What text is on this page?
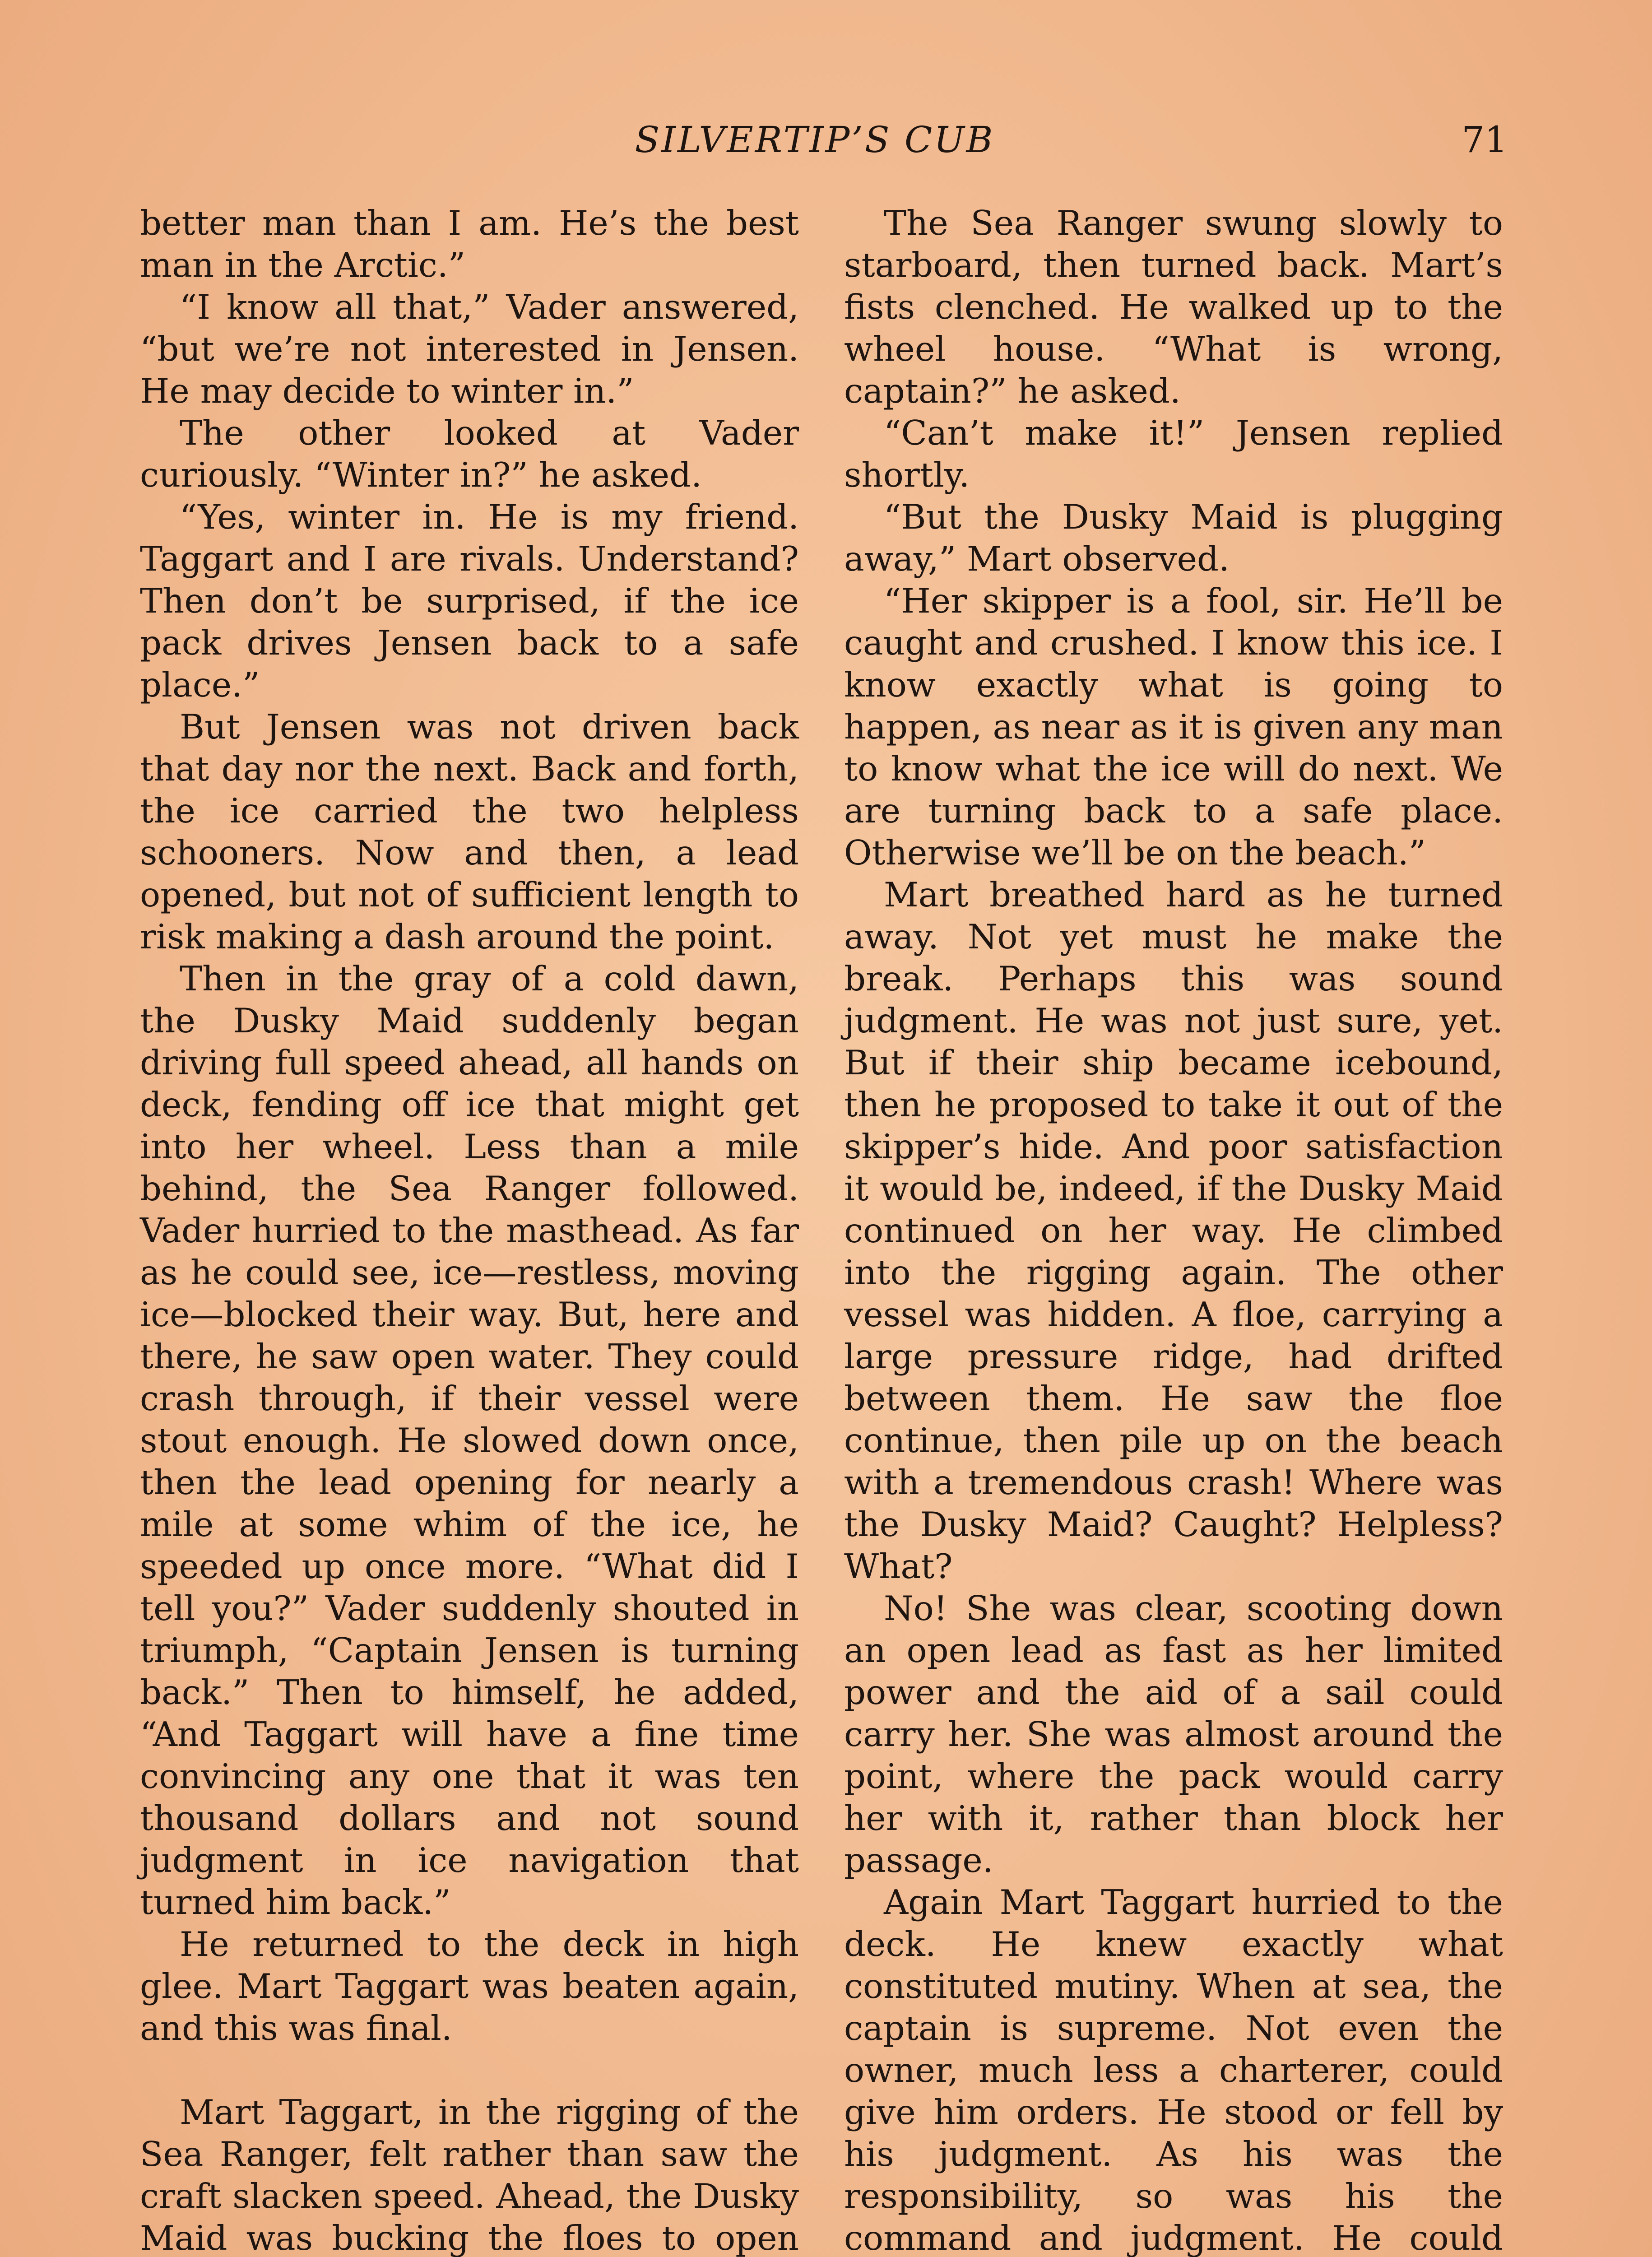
SILVERTIP’S CUB	71

better man than I am. He’s the best man in the Arctic.”

“I know all that,” Vader answered, “but we’re not interested in Jensen. He may decide to winter in.”

The other looked at Vader curiously. “Winter in?” he asked.

“Yes, winter in. He is my friend. Taggart and I are rivals. Understand? Then don’t be surprised, if the ice pack drives Jensen back to a safe place.”

But Jensen was not driven back that day nor the next. Back and forth, the ice carried the two helpless schooners. Now and then, a lead opened, but not of sufficient length to risk making a dash around the point.

Then in the gray of a cold dawn, the Dusky Maid suddenly began driving full speed ahead, all hands on deck, fending off ice that might get into her wheel. Less than a mile behind, the Sea Ranger followed. Vader hurried to the masthead. As far as he could see, ice—restless, moving ice—blocked their way. But, here and there, he saw open water. They could crash through, if their vessel were stout enough. He slowed down once, then the lead opening for nearly a mile at some whim of the ice, he speeded up once more. “What did I tell you?” Vader suddenly shouted in triumph, “Captain Jensen is turning back.” Then to himself, he added, “And Taggart will have a fine time convincing any one that it was ten thousand dollars and not sound judgment in ice navigation that turned him back.”

He returned to the deck in high glee. Mart Taggart was beaten again, and this was final.

Mart Taggart, in the rigging of the Sea Ranger, felt rather than saw the craft slacken speed. Ahead, the Dusky Maid was bucking the floes to open

The Sea Ranger swung slowly to starboard, then turned back. Mart’s fists clenched. He walked up to the wheel house. “What is wrong, captain?” he asked.

“Can’t make it!” Jensen replied shortly.

“But the Dusky Maid is plugging away,” Mart observed.

“Her skipper is a fool, sir. He’ll be caught and crushed. I know this ice. I know exactly what is going to happen, as near as it is given any man to know what the ice will do next. We are turning back to a safe place. Otherwise we’ll be on the beach.”

Mart breathed hard as he turned away. Not yet must he make the break. Perhaps this was sound judgment. He was not just sure, yet. But if their ship became icebound, then he proposed to take it out of the skipper’s hide. And poor satisfaction it would be, indeed, if the Dusky Maid continued on her way. He climbed into the rigging again. The other vessel was hidden. A floe, carrying a large pressure ridge, had drifted between them. He saw the floe continue, then pile up on the beach with a tremendous crash! Where was the Dusky Maid? Caught? Helpless? What?

No! She was clear, scooting down an open lead as fast as her limited power and the aid of a sail could carry her. She was almost around the point, where the pack would carry her with it, rather than block her passage.

Again Mart Taggart hurried to the deck. He knew exactly what constituted mutiny. When at sea, the captain is supreme. Not even the owner, much less a charterer, could give him orders. He stood or fell by his judgment. As his was the responsibility, so was his the command and judgment. He could
